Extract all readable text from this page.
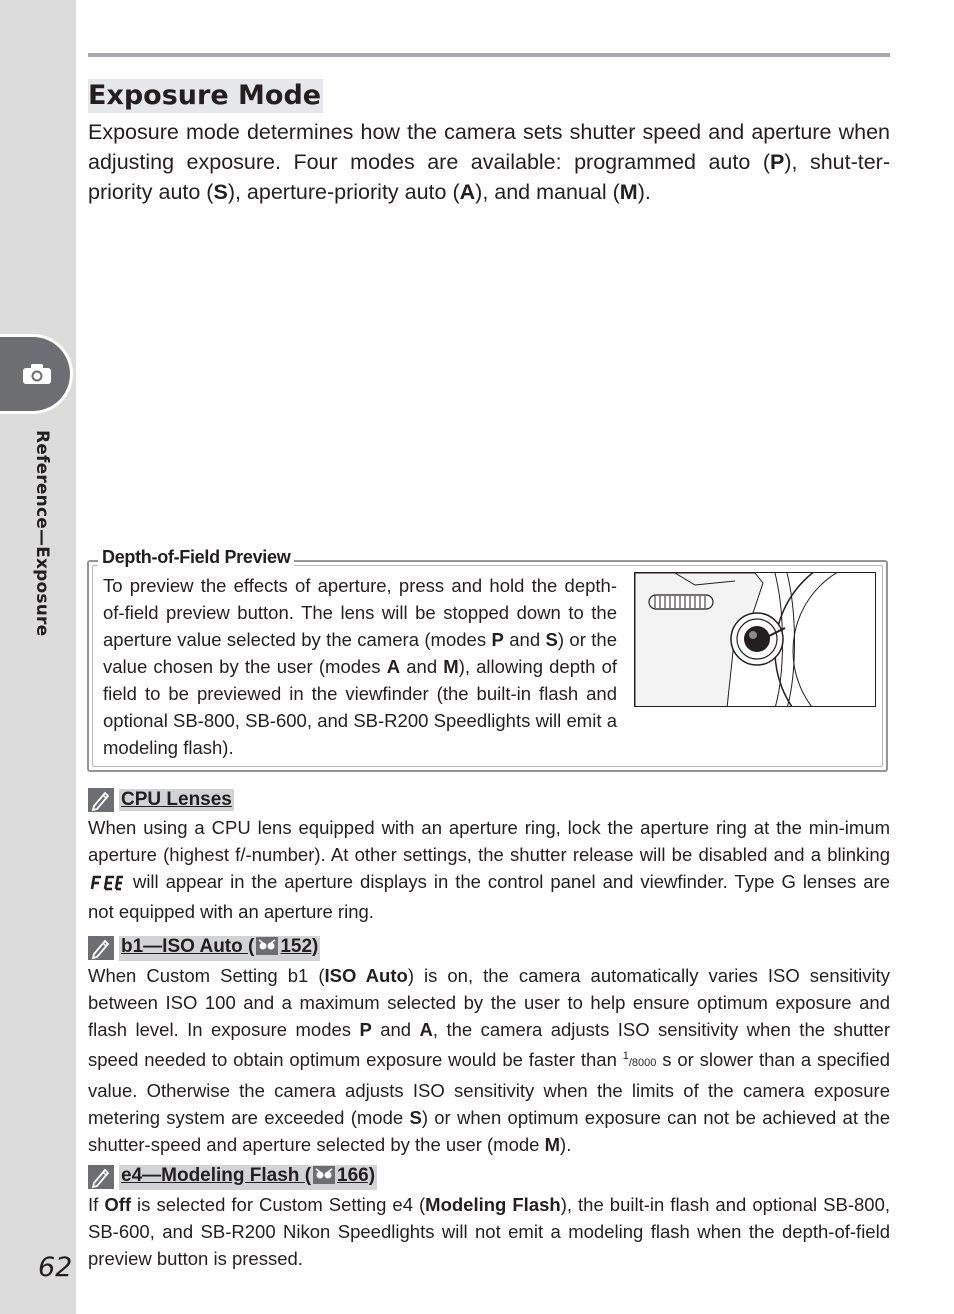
Reference—Exposure
62
Exposure Mode

Exposure mode determines how the camera sets shutter speed and aperture when adjusting exposure. Four modes are available: programmed auto (P), shut-ter-priority auto (S), aperture-priority auto (A), and manual (M).

Depth-of-Field Preview

To preview the effects of aperture, press and hold the depth-of-field preview button. The lens will be stopped down to the aperture value selected by the camera (modes P and S) or the value chosen by the user (modes A and M), allowing depth of field to be previewed in the viewfinder (the built-in flash and optional SB-800, SB-600, and SB-R200 Speedlights will emit a modeling flash).

CPU Lenses

When using a CPU lens equipped with an aperture ring, lock the aperture ring at the min-imum aperture (highest f/-number). At other settings, the shutter release will be disabled and a blinking  will appear in the aperture displays in the control panel and viewfinder. Type G lenses are not equipped with an aperture ring.

b1—ISO Auto ( 152)

When Custom Setting b1 (ISO Auto) is on, the camera automatically varies ISO sensitivity between ISO 100 and a maximum selected by the user to help ensure optimum exposure and flash level. In exposure modes P and A, the camera adjusts ISO sensitivity when the shutter speed needed to obtain optimum exposure would be faster than $^1$/8000 s or slower than a specified value. Otherwise the camera adjusts ISO sensitivity when the limits of the camera exposure metering system are exceeded (mode S) or when optimum exposure can not be achieved at the shutter-speed and aperture selected by the user (mode M).

e4—Modeling Flash ( 166)

If Off is selected for Custom Setting e4 (Modeling Flash), the built-in flash and optional SB-800, SB-600, and SB-R200 Nikon Speedlights will not emit a modeling flash when the depth-of-field preview button is pressed.
